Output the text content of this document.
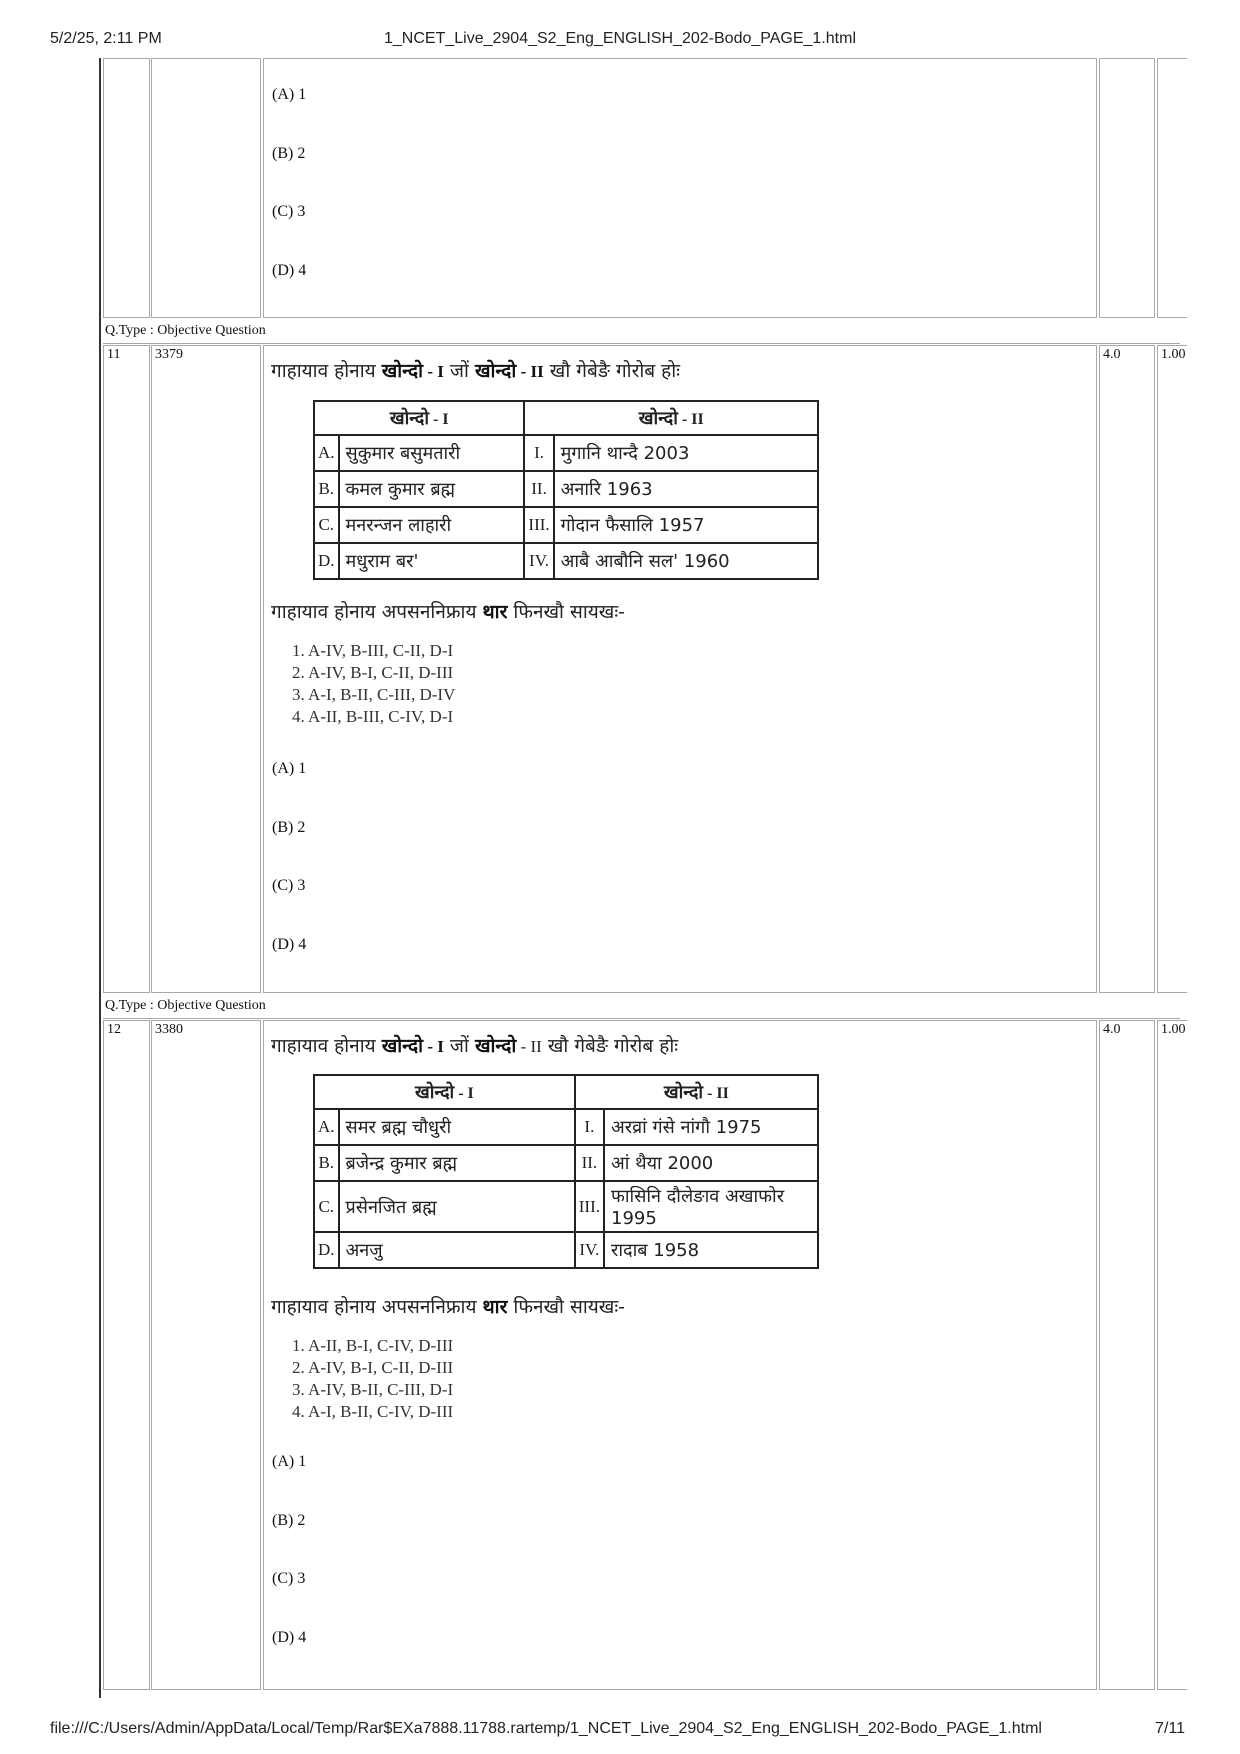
5/2/25, 2:11 PM	1_NCET_Live_2904_S2_Eng_ENGLISH_202-Bodo_PAGE_1.html
(A) 1
(B) 2
(C) 3
(D) 4
Q.Type : Objective Question
11	3379	4.0	1.00
गाहायाव होनाय खोन्दो - I जों खोन्दो - II खौ गेबेङै गोरोब होः
खोन्दो - I		खोन्दो - II	
A.	सुकुमार बसुमतारी	I.	मुगानि थान्दै 2003
B.	कमल कुमार ब्रह्म	II.	अनारि 1963
C.	मनरन्जन लाहारी	III.	गोदान फैसालि 1957
D.	मधुराम बर'	IV.	आबै आबौनि सल' 1960
गाहायाव होनाय अपसननिफ्राय थार फिनखौ सायखः-
1. A-IV, B-III, C-II, D-I
2. A-IV, B-I, C-II, D-III
3. A-I, B-II, C-III, D-IV
4. A-II, B-III, C-IV, D-I
(A) 1
(B) 2
(C) 3
(D) 4
Q.Type : Objective Question
12	3380	4.0	1.00
गाहायाव होनाय खोन्दो - I जों खोन्दो - II खौ गेबेङै गोरोब होः
खोन्दो - I		खोन्दो - II	
A.	समर ब्रह्म चौधुरी	I.	अरव्रां गंसे नांगौ 1975
B.	ब्रजेन्द्र कुमार ब्रह्म	II.	आं थैया 2000
C.	प्रसेनजित ब्रह्म	III.	फासिनि दौलेङाव अखाफोर 1995
D.	अनजु	IV.	रादाब 1958
गाहायाव होनाय अपसननिफ्राय थार फिनखौ सायखः-
1. A-II, B-I, C-IV, D-III
2. A-IV, B-I, C-II, D-III
3. A-IV, B-II, C-III, D-I
4. A-I, B-II, C-IV, D-III
(A) 1
(B) 2
(C) 3
(D) 4
file:///C:/Users/Admin/AppData/Local/Temp/Rar$EXa7888.11788.rartemp/1_NCET_Live_2904_S2_Eng_ENGLISH_202-Bodo_PAGE_1.html	7/11
